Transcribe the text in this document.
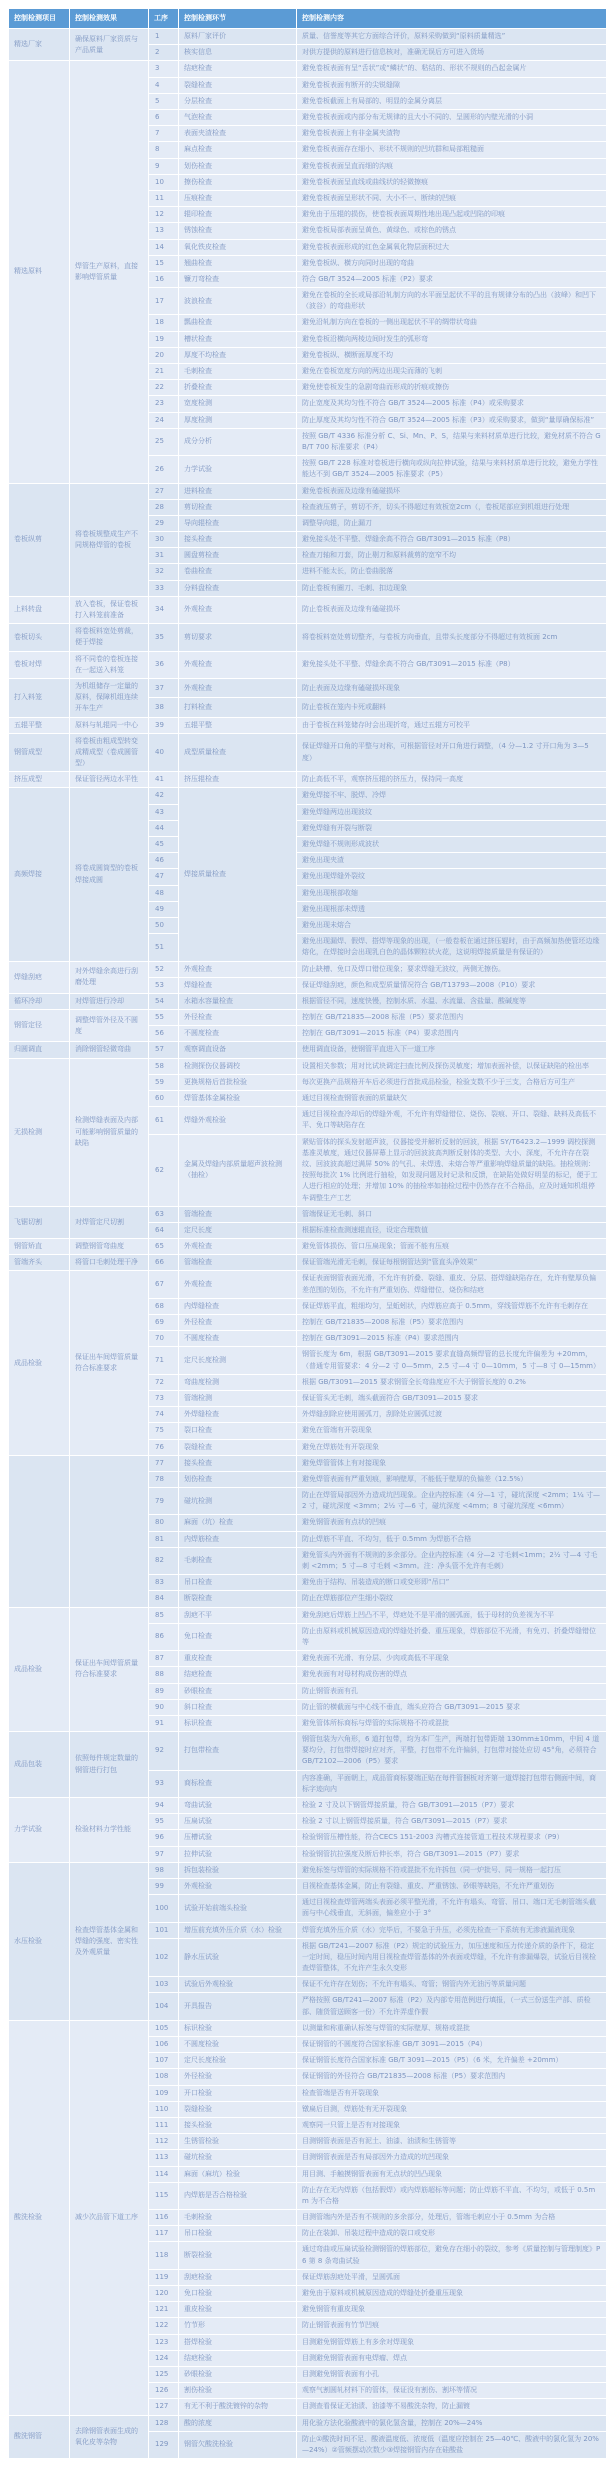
控制检测项目	控制检测效果	工序	控制检测环节	控制检测内容
精选厂家	确保原料厂家资质与产品质量	1	原料厂家评价	质量、信誉度等其它方面综合评价，原料采购做到“原料质量精选”
		2	核实信息	对供方提供的原料进行信息核对，准确无误后方可进入货场
精选原料	焊管生产原料，直接影响焊管质量	3	结疤检查	避免卷板表面有呈“舌状”或“鳞状”的、粘结的、形状不规则的凸起金属片
		4	裂缝检查	避免卷板表面有断开的尖锐缝隙
		5	分层检查	避免卷板截面上有局部的、明显的金属分离层
		6	气泡检查	避免卷板表面或内部分布无规律的且大小不同的、呈圆形的内壁光滑的小洞
		7	表面夹渣检查	避免卷板表面上有非金属夹渣物
		8	麻点检查	避免卷板表面存在细小、形状不规则的凹坑群和局部粗糙面
		9	划伤检查	避免卷板表面呈直而细的沟痕
		10	擦伤检查	避免卷板表面呈直线或曲线状的轻微擦痕
		11	压痕检查	避免卷板表面呈形状不同、大小不一、断续的凹痕
		12	辊印检查	避免由于压辊的损伤，使卷板表面周期性地出现凸起或凹陷的印痕
		13	锈蚀检查	避免卷板局部表面呈黄色、黄绿色、或棕色的锈点
		14	氧化铁皮检查	避免卷板表面形成的红色金属氧化物层面积过大
		15	翘曲检查	避免卷板纵、横方向同时出现的弯曲
		16	镰刀弯检查	符合 GB/T 3524—2005 标准（P2）要求
		17	波浪检查	避免在卷板的全长或局部沿轧制方向的水平面呈起伏不平的且有规律分布的凸出（波峰）和凹下（波谷）的弯曲形状
		18	瓢曲检查	避免沿轧制方向在卷板的一侧出现起伏不平的绸带状弯曲
		19	槽状检查	避免卷板沿横向两棱边间时发生的弧形弯
		20	厚度不均检查	避免卷板纵、横断面厚度不均
		21	毛刺检查	避免在卷板宽度方向的两边出现尖而薄的飞刺
		22	折叠检查	避免使卷板发生的急剧弯曲而形成的折痕或擦伤
		23	宽度检测	防止宽度及其均匀性不符合 GB/T 3524—2005 标准（P4）或采购要求
		24	厚度检测	防止厚度及其均匀性不符合 GB/T 3524—2005 标准（P3）或采购要求，做到“量厚确保标准”
		25	成分分析	按照 GB/T 4336 标准分析 C、Si、Mn、P、S，结果与来料材质单进行比较，避免材质不符合 GB/T 700 标准要求（P4）
		26	力学试验	按照 GB/T 228 标准对卷板进行横向或纵向拉伸试验，结果与来料材质单进行比较，避免力学性能达不到 GB/T 3524—2005 标准要求（P5）
卷板纵剪	将卷板规整成生产不同规格焊管的卷板	27	进料检查	避免卷板表面及边缘有磕碰损坏
		28	剪切检查	检查液压剪子，剪切不齐，切头不得超过有效板宽2cm（，卷板尾部应到机组进行处理
		29	导向辊检查	调整导向辊，防止漏刀
		30	接头检查	避免接头处不平整、焊缝余高不符合 GB/T3091—2015 标准（P8）
		31	圆盘剪检查	检查刀轴和刀套，防止剔刀和原料裁剪的宽窄不均
		32	卷曲检查	进料不能太长，防止卷曲脱落
		33	分料盘检查	防止卷板有圈刀、毛刺、扣边现象
上料转盘	放入卷板，保证卷板打入料笼前准备	34	外观检查	防止卷板表面及边缘有磕碰损坏
卷板切头	将卷板料宽处剪裁，便于焊接	35	剪切要求	将卷板料宽处剪切整齐，与卷板方向垂直，且带头长度部分不得超过有效板面 2cm
卷板对焊	将不同卷的卷板连接在一起送入料笼	36	外观检查	避免接头处不平整、焊缝余高不符合 GB/T3091—2015 标准（P8）
打入料笼	为机组储存一定量的原料，保障机组连续开车生产	37	外观检查	防止表面及边缘有磕碰损坏现象
		38	打料检查	防止卷板在笼内卡死或翻料
五辊平整	原料与轧辊同一中心	39	五辊平整	由于卷板在料笼储存时会出现折弯，通过五辊方可校平
钢管成型	将卷板由粗成型转变成精成型（卷成圆管型）	40	成型质量检查	保证焊缝开口角的平整与对称，可根据管径对开口角进行调整，（4 分—1.2 寸开口角为 3—5 度）
挤压成型	保证管径两边水平性	41	挤压辊检查	防止高低不平，观察挤压辊的挤压力，保持同一高度
高频焊接	将卷成圆筒型的卷板焊接成圆	42	焊接质量检查	避免焊接不牢、脱焊、冷焊
		43		避免焊缝两边出现波纹
		44		避免焊缝有开裂与断裂
		45		避免焊缝不规则形成波状
		46		避免出现夹渣
		47		避免出现焊缝外裂纹
		48		避免出现根部收缩
		49		避免出现根部未焊透
		50		避免出现未熔合
		51		避免出现漏焊、假焊、搭焊等现象的出现，（一般卷板在通过挤压辊时，由于高频加热使管坯边缘熔化，在焊接时会出现乳白色的晶体颗粒状火花，这说明焊接质量是有保证的）
焊缝刮疤	对外焊缝余高进行刮磨处理	52	外观检查	防止缺槽、免口及焊口错位现象；要求焊缝无波纹，两侧无擦伤。
		53	焊缝检查	保证焊缝刮疤，颜色和成型质量情况符合 GB/T13793—2008（P10）要求
循环冷却	对焊管进行冷却	54	水箱水容量检查	根据管径不同，速度快慢，控制水质、水温、水流量、含盐量、酸碱度等
钢管定径	调整焊管外径及不圆度	55	外径检查	控制在 GB/T21835—2008 标准（P5）要求范围内
		56	不圆度检查	控制在 GB/T3091—2015 标准（P4）要求范围内
归圆调直	消除钢管轻微弯曲	57	观察调直设备	使用调直设备，使钢管平直进入下一道工序
无损检测	检测焊缝表面及内部可能影响钢管质量的缺陷	58	检测探伤仪器调校	设置相关参数；用对比试块调定扫查比例及探伤灵敏度；增加表面补偿，以保证缺陷的检出率
		59	更换规格后首批检验	每次更换产品规格开车后必须进行首批成品检验，检验支数不少于三支，合格后方可生产
		60	焊管基体金属检验	通过目视检查钢管表面的质量缺欠
		61	焊缝外观检验	通过目视检查冷却后的焊缝外观，不允许有焊缝错位、烧伤、裂痕、开口、裂缝、缺料及高低不平、免口等缺陷存在
		62	金属及焊缝内部质量超声波检测（抽检）	紧贴管体的探头发射超声波，仪器接受并解析反射的回波，根据 SY/T6423.2—1999 调校探测基准灵敏度，通过仪器屏幕上显示的回波波高判断反射体的类型、大小、深度，不允许存在裂纹、回波波高超过满屏 50% 的气孔、未焊透、未熔合等严重影响焊缝质量的缺陷。抽检规则：按照每批次 1% 比例进行抽检，如发现问题及时记录和反馈，在缺陷处做好明显的标记，便于工人进行相应的处理；并增加 10% 的抽检率如抽检过程中仍然存在不合格品，应及时通知机组停车调整生产工艺
飞锯切割	对焊管定尺切割	63	管端检查	管端保证无毛刺、斜口
		64	定尺长度	根据标准检查测速辊直径，设定合理数值
钢管矫直	调整钢管弯曲度	65	外观检查	避免管体损伤、管口压扁现象；管面不能有压痕
管端齐头	将管口毛刺处理干净	66	管端检查	保证管端光滑无毛刺，保证每根钢管达到“管直头净效果”
成品检验	保证出车间焊管质量符合标准要求	67	外观检查	保证表面钢管表面光滑，不允许有折叠、裂缝、重皮、分层、搭焊缝缺陷存在，允许有壁厚负偏差范围的划伤，不允许有严重划伤、焊缝错位、烧伤和结疤
		68	内焊缝检查	保证焊筋平直，粗细均匀，呈蚯蚓状，内焊筋应高于 0.5mm，穿线管焊筋不允许有毛刺存在
		69	外径检查	控制在 GB/T21835—2008 标准（P5）要求范围内
		70	不圆度检查	控制在 GB/T3091—2015 标准（P4）要求范围内
		71	定尺长度检测	钢管长度为 6m，根据 GB/T3091—2015 要求直缝高频焊管的总长度允许偏差为 +20mm，（普通专用管要求：4 分—2 寸 0—5mm，2.5 寸—4 寸 0—10mm，5 寸—8 寸 0—15mm）
		72	弯曲度检测	根据 GB/T3091—2015 要求钢管全长弯曲度应不大于钢管长度的 0.2%
		73	管端检测	保证管头无毛刺，端头截面符合 GB/T3091—2015 要求
		74	外焊缝检查	外焊缝刮除应使用圆弧刀，刮除处应圆弧过渡
		75	裂口检查	避免在管端有开裂现象
		76	裂缝检查	避免在焊筋处有开裂现象
		77	接头检查	避免焊管管体上有对接现象
		78	划伤检查	避免焊管表面有严重划痕，影响壁厚，不能低于壁厚的负偏差（12.5%）
		79	碰坑检测	防止在焊管局部因外力造成坑凹现象。企业内控标准（4 分—1 寸，碰坑深度 <2mm；1¼ 寸—2 寸，碰坑深度 <3mm；2½ 寸—6 寸，碰坑深度 <4mm；8 寸碰坑深度 <6mm）
		80	麻面（坑）检查	避免钢管表面有点状的凹痕
		81	内焊筋检查	防止焊筋不平直、不均匀，低于 0.5mm 为焊筋不合格
		82	毛刺检查	避免管头内外面有不规则的多余部分。企业内控标准（4 分—2 寸毛刺<1mm；2½ 寸—4 寸毛刺 <2mm；5 寸—8 寸毛刺 <3mm。注：净头管不允许有毛刺）
		83	吊口检查	避免由于结构、吊装造成的断口或变形即“吊口”
		84	断裂检查	防止在焊筋部位产生细小裂纹
成品检验	保证出车间焊管质量符合标准要求	85	刮疤不平	避免刮疤后焊筋上凹凸不平，焊疤处不是平滑的圆弧面，低于母材的负差视为不平
		86	免口检查	防止由原料或机械原因造成的焊缝处折叠、重压现象，焊筋部位不光滑，有免刃、折叠焊缝错位等
		87	重皮检查	避免表面不光滑、有分层、少肉或高低不平现象
		88	结疤检查	避免表面有对母材构成伤害的焊点
		89	砂眼检查	防止钢管表面有孔
		90	斜口检查	防止管的横截面与中心线不垂直，端头应符合 GB/T3091—2015 要求
		91	标识检查	避免管体所标商标与焊管的实际规格不符或混批
成品包装	依照每件规定数量的钢管进行打包	92	打包带检查	钢管包装为六角形，6 道打包带，均为本厂生产，两端打包带距端 130mm±10mm，中间 4 道要均分，打包带焊接时应对齐，平整，打包带不允许偏斜，打包带对接处应切 45°角，必须符合 GB/T2102—2006（P5）要求
		93	商标检查	内容准确，平面朝上，成品管商标要端正贴在每件管捆板对齐第一道焊接打包带右侧面中间，商标字迹向内
力学试验	检验材料力学性能	94	弯曲试验	检验 2 寸及以下钢管焊接质量，符合 GB/T3091—2015（P7）要求
		95	压扁试验	检验 2 寸以上钢管焊接质量，符合 GB/T3091—2015（P7）要求
		96	压槽试验	检验钢管压槽性能，符合CECS 151-2003 沟槽式连接管道工程技术规程要求（P9）
		97	拉伸试验	检验钢管抗拉强度及断后伸长率，符合 GB/T3091—2015（P7）要求
水压检验	检查焊管基体金属和焊缝的强度、密实性及外观质量	98	拆包装检验	避免标签与焊管的实际规格不符或混批不允许拆包（同一炉批号、同一规格一起打压
		99	外观检验	目视检查基体金属，防止有裂缝、重皮、严重锈蚀、砂眼等缺陷，不允许严重划伤
		100	试验开始前端头检验	通过目视检查焊管两端头表面必须平整光滑，不允许有塌头、弯管、吊口、端口无毛刺管端头截面与中心线垂直，无斜面，偏差应小于 3°
		101	增压前充填外压介质（水）检验	焊管充填外压介质（水）完毕后，不要急于升压，必须先检查一下系统有无渗液漏液现象
		102	静水压试验	根据 GB/T241—2007 标准（P2）规定的试验压力，加压速度和压力传递介质的条件下，稳定一定时间，稳压时间内用目视检查焊管基体的外表面或焊缝，不允许有渗漏爆裂，试验后目视检查焊管整体，不允许产生永久变形
		103	试验后外观检验	保证不允许存在划伤；不允许有塌头、弯管；钢管内外无油污等质量问题
		104	开具报告	严格按照 GB/T241—2007 标准（P2）及内部专用范例进行填报，（一式三份送生产部、质检部、随货管送顾客一份）不允许弄虚作假
酸洗检验	减少次品管下道工序	105	标识检验	以测量和称重确认标签与焊管的实际壁厚、规格或混批
		106	不圆度检验	保证钢管的不圆度符合国家标准 GB/T 3091—2015（P4）
		107	定尺长度检验	保证钢管长度符合国家标准 GB/T 3091—2015（P5）（6 米，允许偏差 +20mm）
		108	外径检验	保证钢管的外径符合 GB/T21835—2008 标准（P5）要求范围内
		109	开口检验	检查管端是否有开裂现象
		110	裂缝检验	镦扁后目测，焊筋处有无开裂现象
		111	接头检验	观察同一只管上是否有对接现象
		112	生锈管检验	目测钢管表面是否有泥土、油漆、油渍和生锈管等
		113	碰坑检验	目测钢管表面是否有局部因外力造成的坑凹现象
		114	麻面（麻坑）检验	用目测、手触摸钢管表面有无点状的凹凸现象
		115	内焊筋是否合格检验	防止存在无内焊筋（包括假焊）或内焊筋超标等问题；防止焊筋不平直、不均匀，或低于 0.5mm 为不合格
		116	毛刺检验	目测管端内外是否有不规则的多余部分，处理后，管端毛刺应小于 0.5mm 为合格
		117	吊口检验	防止在装卸、吊装过程中造成的裂口或变形
		118	断裂检验	通过弯曲或压扁试验检测钢管的焊筋部位，避免存在细小的裂纹，参考《质量控制与管理制度》P6 第 8 条弯曲试验
		119	刮疤检验	保证焊筋刮疤处平滑，呈圆弧面
		120	免口检验	避免由于原料或机械原因造成的焊缝处折叠重压现象
		121	重皮检验	避免钢管有重皮现象
		122	竹节形	防止钢管表面有竹节凹痕
		123	搭焊检验	目测避免钢管焊筋上有多余对焊现象
		124	结疤检验	目测避免钢管表面有电焊瘤、焊点
		125	砂眼检验	目测避免钢管表面有小孔
		126	割伤检验	观察气割圆轧材料下的管体，保证没有割伤、割坏等情况
		127	有无不利于酸洗镀锌的杂物	目测查看保证无油渍、油漆等不易酸洗杂物，防止漏镀
酸洗钢管	去除钢管表面生成的氧化皮等杂物	128	酸的浓度	用化验方法化验酸液中的氯化氢含量，控制在 20%—24%
		129	钢管欠酸洗检验	防止①酸洗时间不足、酸液温度低、浓度低（温度应控制在 25—40℃、酸液中的氯化氢为 20%—24%）②管频摆动次数少③焊接钢管内存在硅酸盐
